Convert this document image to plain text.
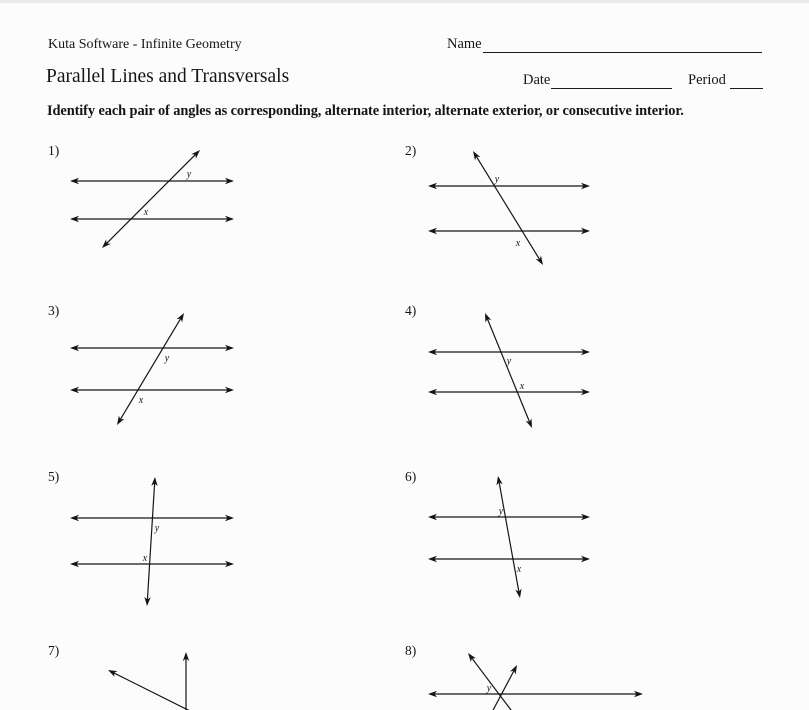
Kuta Software - Infinite Geometry	Name
Parallel Lines and Transversals	Date	Period

Identify each pair of angles as corresponding, alternate interior, alternate exterior, or consecutive interior.

1)
y
x
2)
y
x
3)
y
x
4)
y
x
5)
y
x
6)
y
x
7)	8)
y
